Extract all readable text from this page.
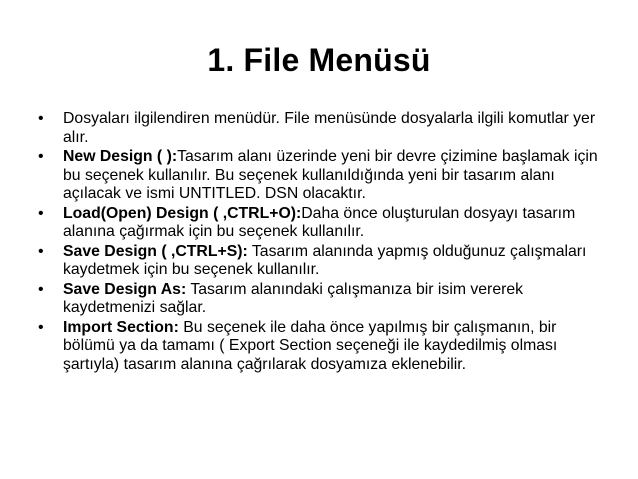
1. File Menüsü
• Dosyaları ilgilendiren menüdür. File menüsünde dosyalarla ilgili komutlar yer alır.
• New Design ( ):Tasarım alanı üzerinde yeni bir devre çizimine başlamak için bu seçenek kullanılır. Bu seçenek kullanıldığında yeni bir tasarım alanı açılacak ve ismi UNTITLED. DSN olacaktır.
• Load(Open) Design ( ,CTRL+O):Daha önce oluşturulan dosyayı tasarım alanına çağırmak için bu seçenek kullanılır.
• Save Design ( ,CTRL+S): Tasarım alanında yapmış olduğunuz çalışmaları kaydetmek için bu seçenek kullanılır.
• Save Design As: Tasarım alanındaki çalışmanıza bir isim vererek kaydetmenizi sağlar.
• Import Section: Bu seçenek ile daha önce yapılmış bir çalışmanın, bir bölümü ya da tamamı ( Export Section seçeneği ile kaydedilmiş olması şartıyla) tasarım alanına çağrılarak dosyamıza eklenebilir.
